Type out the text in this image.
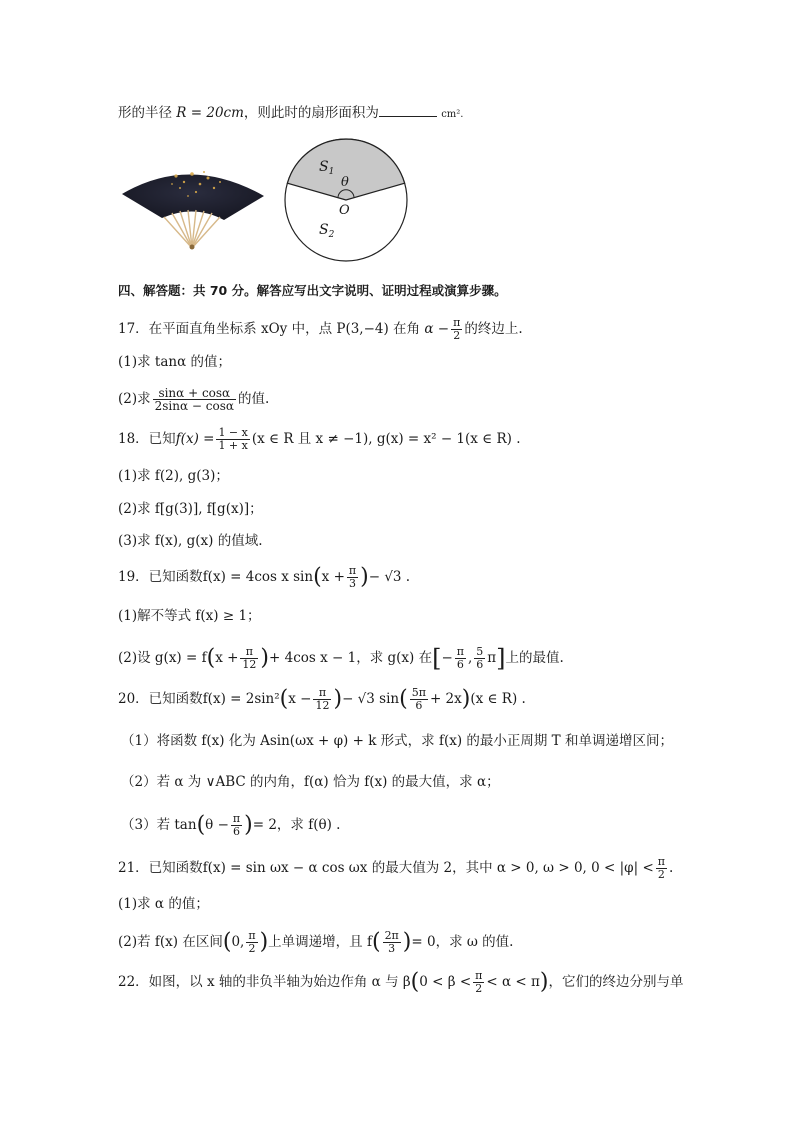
形的半径 R = 20cm，则此时的扇形面积为	cm².
$S_1$
θ
O
$S_2$
四、解答题：共 70 分。解答应写出文字说明、证明过程或演算步骤。
17．在平面直角坐标系 xOy 中，点 P(3,−4) 在角 $\alpha - \frac{\pi}{2}$ 的终边上.
(1)求 tanα 的值；
(2)求 $\frac{\sin\alpha + \cos\alpha}{2\sin\alpha - \cos\alpha}$ 的值.
18．已知$f(x) = \frac{1 - x}{1 + x} (x$ ∈ R 且 x ≠ −1), g(x) = x² − 1(x ∈ R) .
(1)求 f(2), g(3)；
(2)求 f[g(3)], f[g(x)]；
(3)求 f(x), g(x) 的值域.
19．已知函数f(x) = 4cos x $\sin(x + \frac{\pi}{3}$ )− √3 .
(1)解不等式 f(x) ≥ 1；
(2)设 $g(x) = f(x + \frac{\pi}{12}$ )+ 4cos x − 1，求 g(x) 在[− $\frac{\pi}{6}$ , $\frac{5}{6} \pi$]上的最值.
20．已知函数$f(x) = 2\sin^2(x - \frac{\pi}{12}$ )− √3 $\sin( \frac{5\pi}{6} + 2x)(x$ ∈ R) .
（1）将函数 f(x) 化为 Asin(ωx + φ) + k 形式，求 f(x) 的最小正周期 T 和单调递增区间；
（2）若 α 为 ∨ABC 的内角，f(α) 恰为 f(x) 的最大值，求 α；
（3）若 $\tan(\theta - \frac{\pi}{6}$ )= 2，求 f(θ) .
21．已知函数f(x) = sin ωx − α cos ωx 的最大值为 2，其中 α > 0, ω > 0, $0 < |\varphi| < \frac{\pi}{2}$ .
(1)求 α 的值；
(2)若 f(x) 在区间(0, $\frac{\pi}{2}$ )上单调递增，且 $f( \frac{2\pi}{3}$ )= 0，求 ω 的值.
22．如图，以 x 轴的非负半轴为始边作角 α 与 $\beta(0 < \beta < \frac{\pi}{2} < \alpha < \pi)$，它们的终边分别与单
